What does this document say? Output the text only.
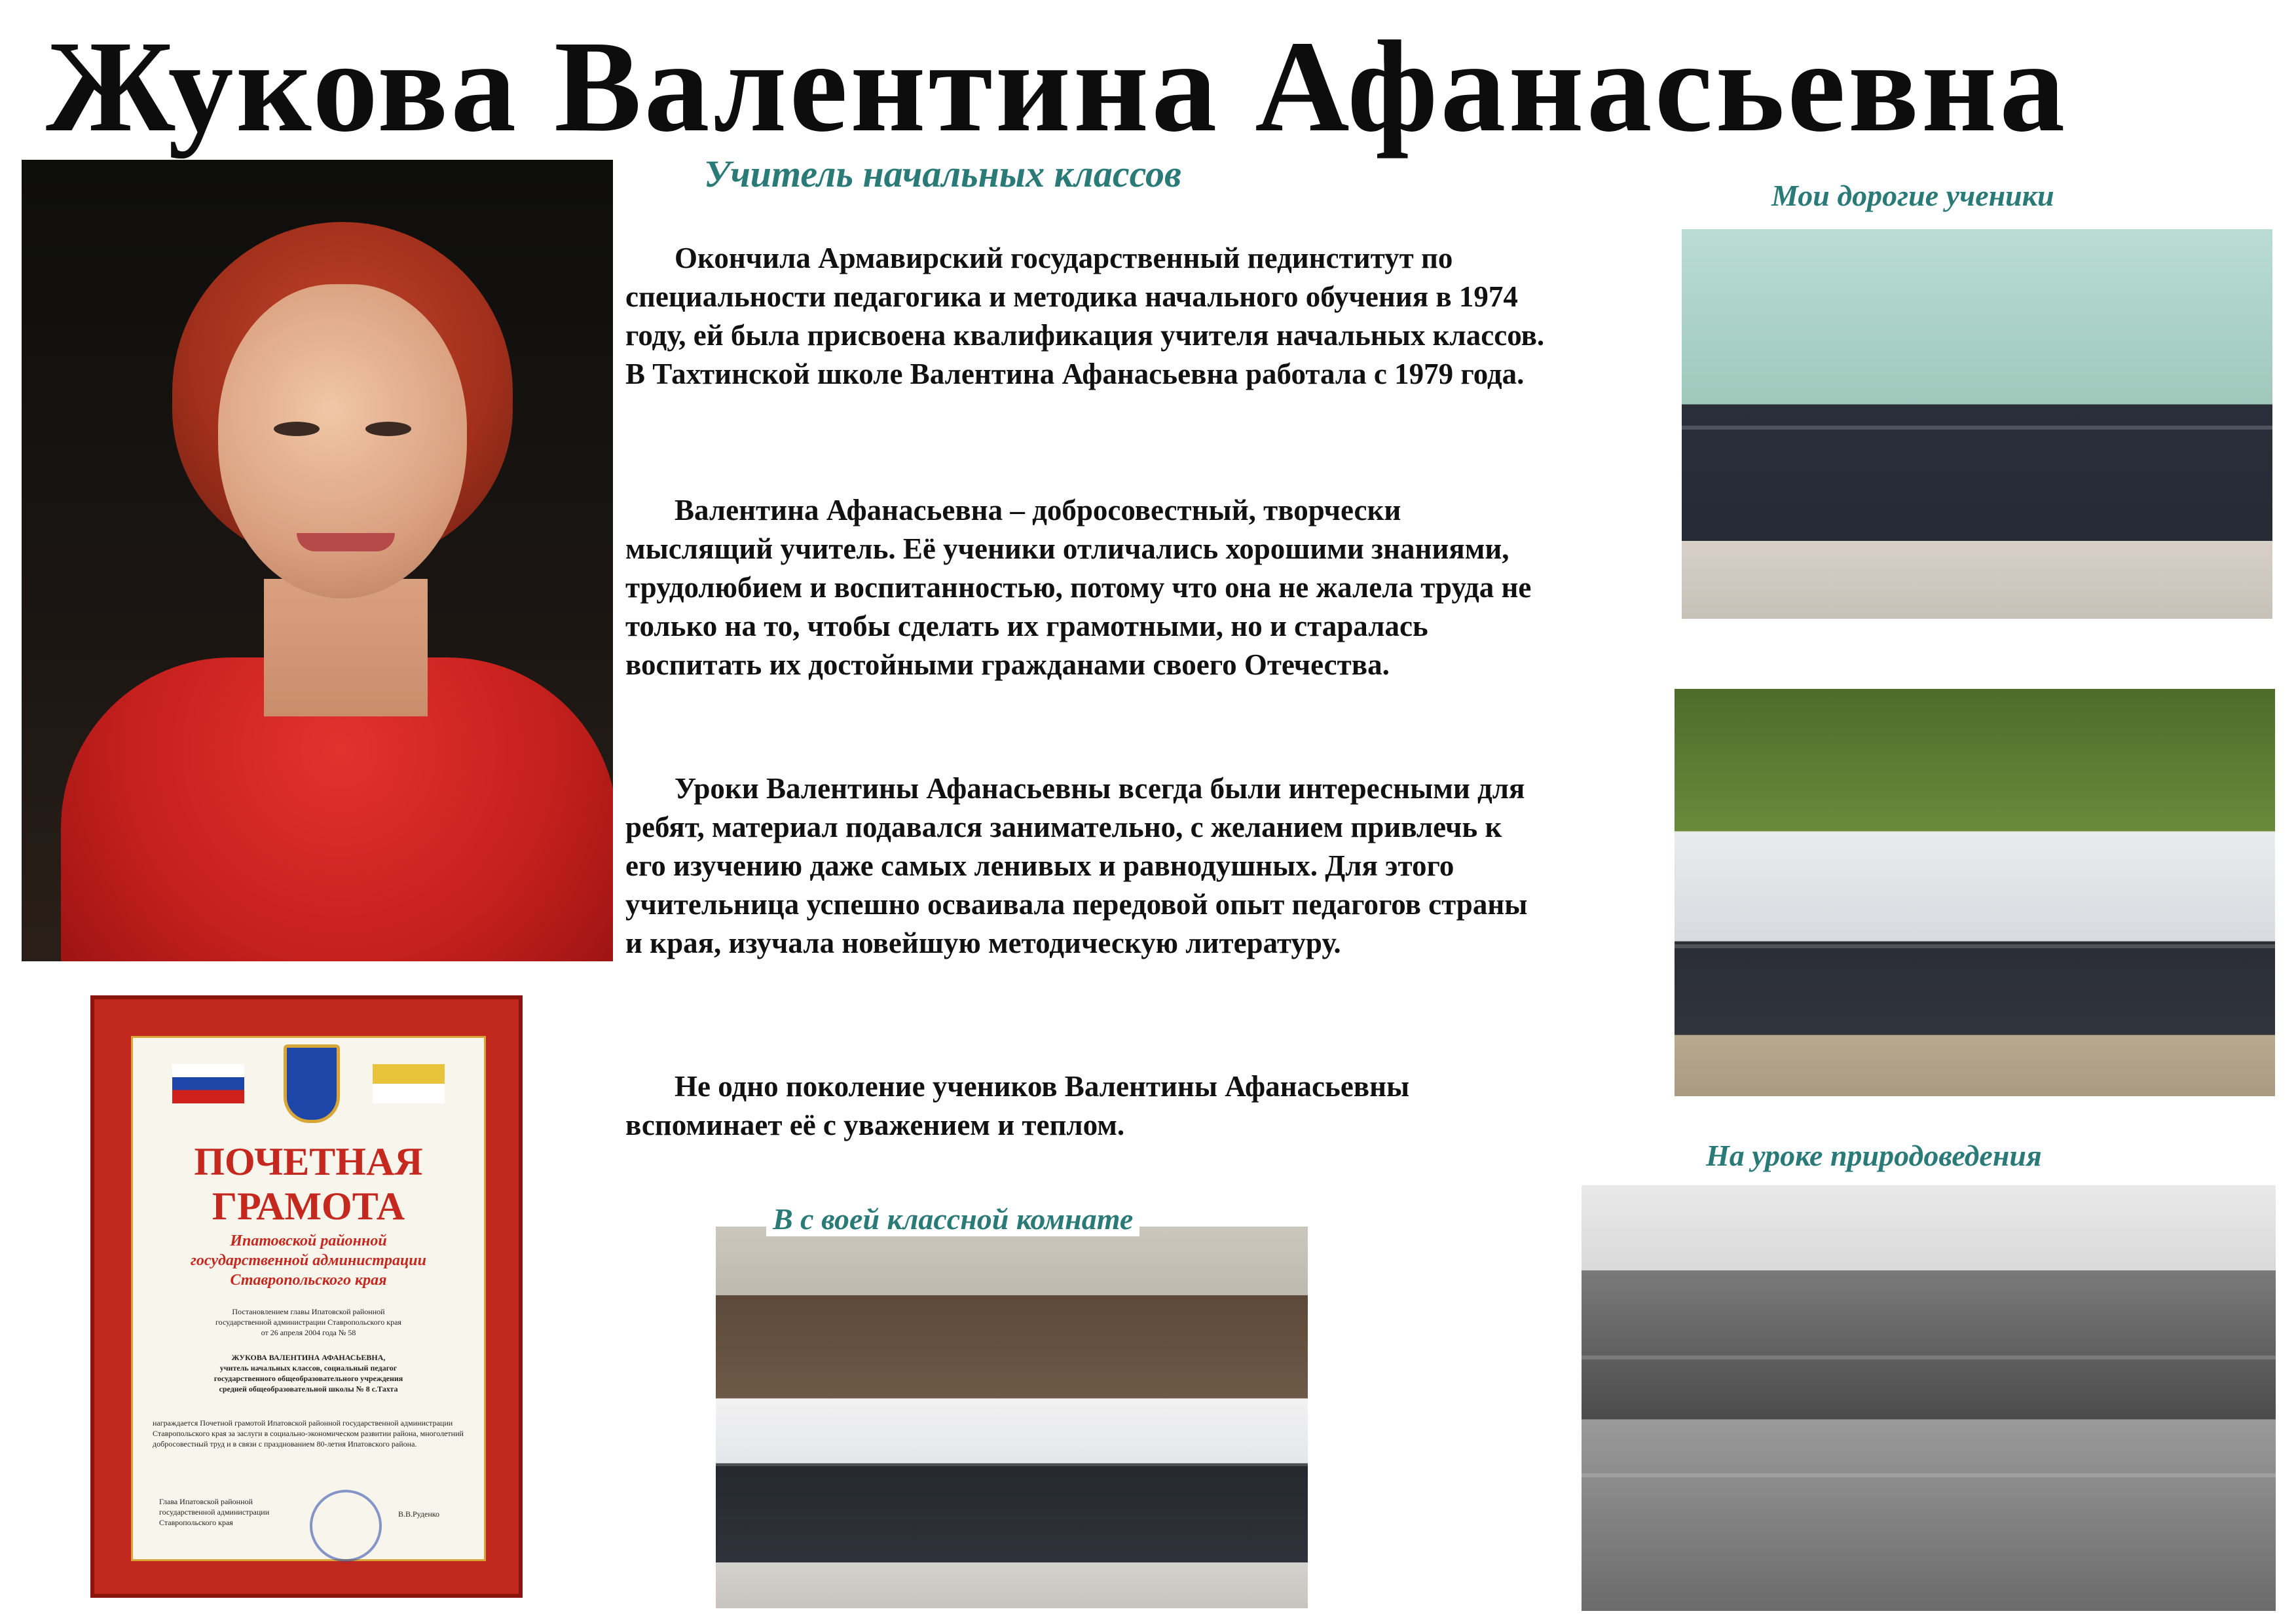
Жукова Валентина Афанасьевна
Учитель начальных классов

Окончила Армавирский государственный пединститут по специальности педагогика и методика начального обучения в 1974 году, ей была присвоена квалификация учителя начальных классов. В Тахтинской школе Валентина Афанасьевна работала с 1979 года.

Валентина Афанасьевна – добросовестный, творчески мыслящий учитель. Её ученики отличались хорошими знаниями, трудолюбием и воспитанностью, потому что она не жалела труда не только на то, чтобы сделать их грамотными, но и старалась воспитать их достойными гражданами своего Отечества.

Уроки Валентины Афанасьевны всегда были интересными для ребят, материал подавался занимательно, с желанием привлечь к его изучению даже самых ленивых и равнодушных. Для этого учительница успешно осваивала передовой опыт педагогов страны и края, изучала новейшую методическую литературу.

Не одно поколение учеников Валентины Афанасьевны вспоминает её с уважением и теплом.

Мои дорогие ученики
На уроке природоведения
В с воей классной комнате
ПОЧЕТНАЯ
ГРАМОТА
Ипатовской районной
государственной администрации
Ставропольского края
Постановлением главы Ипатовской районной
государственной администрации Ставропольского края
от 26 апреля 2004 года № 58
ЖУКОВА ВАЛЕНТИНА АФАНАСЬЕВНА,
учитель начальных классов, социальный педагог
государственного общеобразовательного учреждения
средней общеобразовательной школы № 8 с.Тахта
награждается Почетной грамотой Ипатовской районной государственной администрации Ставропольского края за заслуги в социально-экономическом развитии района, многолетний добросовестный труд и в связи с празднованием 80-летия Ипатовского района.
Глава Ипатовской районной
государственной администрации
Ставропольского края
В.В.Руденко
